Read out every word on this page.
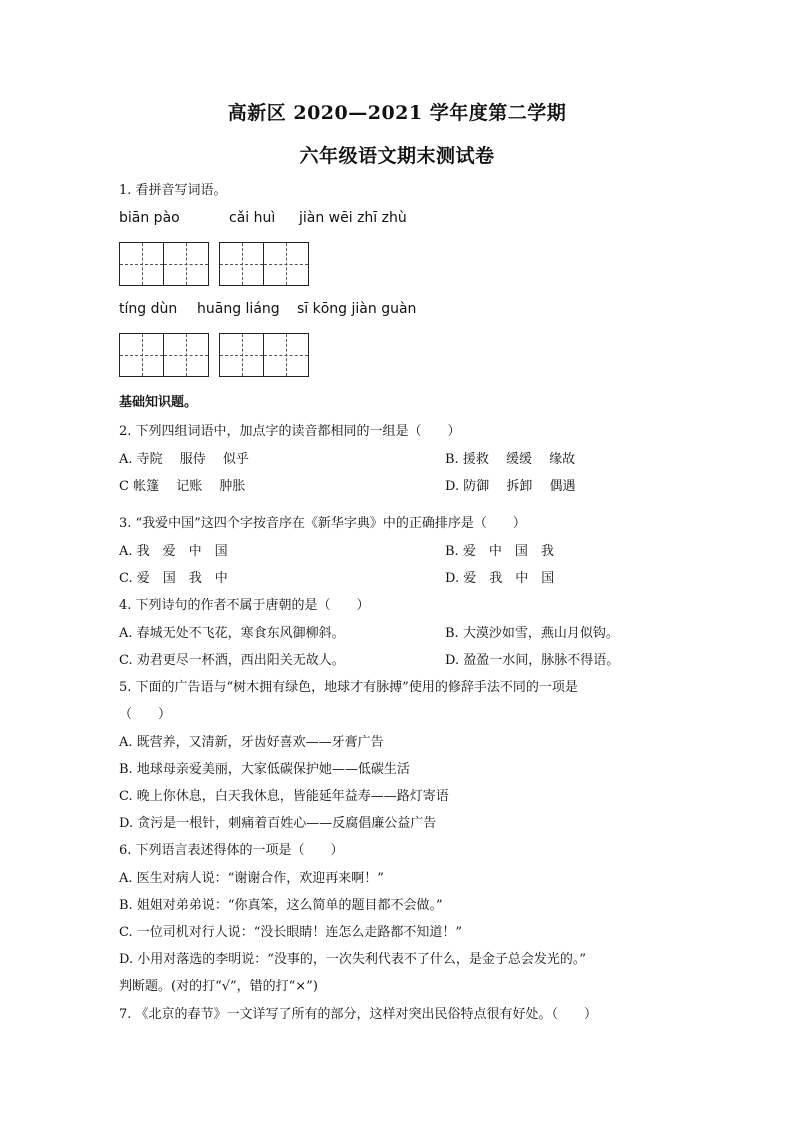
高新区 2020—2021 学年度第二学期
六年级语文期末测试卷
1. 看拼音写词语。
biān pào	cǎi huì jiàn wēi zhī zhù
tíng dùn huāng liáng sī kōng jiàn guàn
基础知识题。
2. 下列四组词语中，加点字的读音都相同的一组是（　　）
A. 寺院　 服侍　 似乎	B. 援救　 缓缓　 缘故
C 帐篷　 记账　 肿胀	D. 防御　 拆卸　 偶遇
3. “我爱中国”这四个字按音序在《新华字典》中的正确排序是（　　）
A. 我　爱　中　国	B. 爱　中　国　我
C. 爱　国　我　中	D. 爱　我　中　国
4. 下列诗句的作者不属于唐朝的是（　　）
A. 春城无处不飞花，寒食东风御柳斜。	B. 大漠沙如雪，燕山月似钩。
C. 劝君更尽一杯酒，西出阳关无故人。	D. 盈盈一水间，脉脉不得语。
5. 下面的广告语与“树木拥有绿色，地球才有脉搏”使用的修辞手法不同的一项是
（　　）
A. 既营养，又清新，牙齿好喜欢——牙膏广告
B. 地球母亲爱美丽，大家低碳保护她——低碳生活
C. 晚上你休息，白天我休息，皆能延年益寿——路灯寄语
D. 贪污是一根针，刺痛着百姓心——反腐倡廉公益广告
6. 下列语言表述得体的一项是（　　）
A. 医生对病人说：“谢谢合作，欢迎再来啊！”
B. 姐姐对弟弟说：“你真笨，这么简单的题目都不会做。”
C. 一位司机对行人说：“没长眼睛！连怎么走路都不知道！”
D. 小用对落选的李明说：“没事的，一次失利代表不了什么，是金子总会发光的。”
判断题。(对的打“√”，错的打“×”)
7. 《北京的春节》一文详写了所有的部分，这样对突出民俗特点很有好处。（　　）
